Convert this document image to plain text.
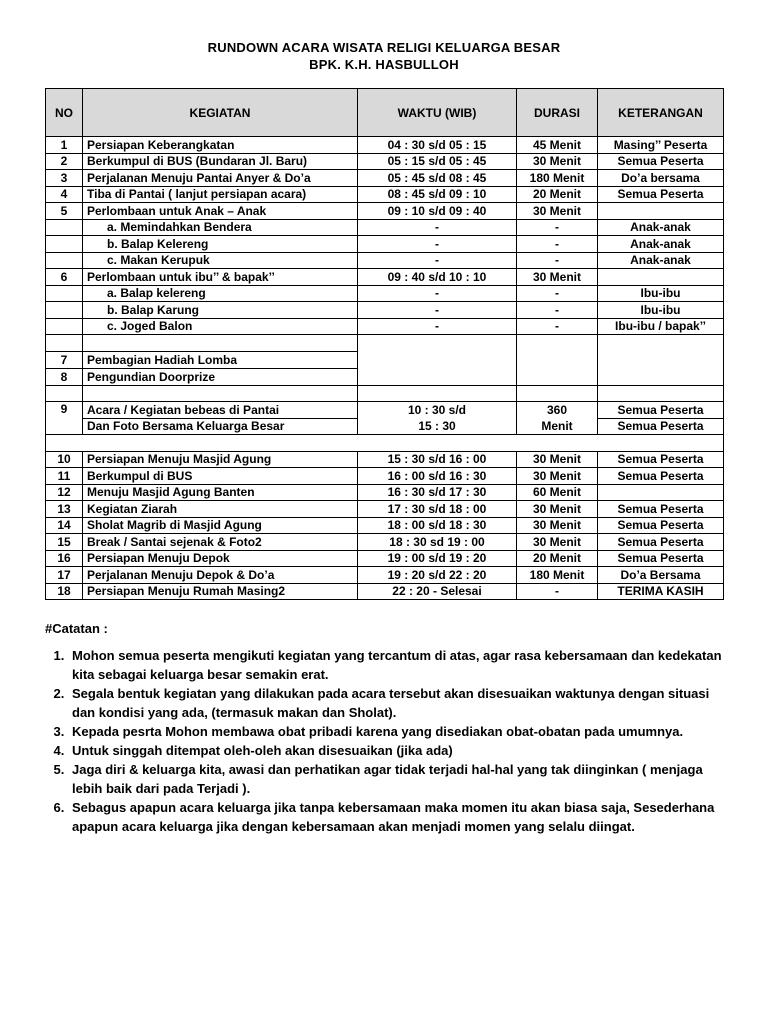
RUNDOWN ACARA WISATA RELIGI KELUARGA BESAR
BPK. K.H. HASBULLOH
NO	KEGIATAN	WAKTU (WIB)	DURASI	KETERANGAN
1	Persiapan Keberangkatan	04 : 30 s/d 05 : 15	45 Menit	Masing’’ Peserta
2	Berkumpul di BUS (Bundaran Jl. Baru)	05 : 15 s/d 05 : 45	30 Menit	Semua Peserta
3	Perjalanan Menuju Pantai Anyer & Do’a	05 : 45 s/d 08 : 45	180 Menit	Do’a bersama
4	Tiba di Pantai ( lanjut persiapan acara)	08 : 45 s/d 09 : 10	20 Menit	Semua Peserta
5	Perlombaan untuk Anak – Anak	09 : 10 s/d 09 : 40	30 Menit	
	a. Memindahkan Bendera	-	-	Anak-anak
	b. Balap Kelereng	-	-	Anak-anak
	c. Makan Kerupuk	-	-	Anak-anak
6	Perlombaan untuk ibu’’ & bapak’’	09 : 40 s/d 10 : 10	30 Menit	
	a. Balap kelereng	-	-	Ibu-ibu
	b. Balap Karung	-	-	Ibu-ibu
	c. Joged Balon	-	-	Ibu-ibu / bapak’’

7	Pembagian Hadiah Lomba			
8	Pengundian Doorprize			

9	Acara / Kegiatan bebeas di Pantai	10 : 30 s/d	360	Semua Peserta
	Dan Foto Bersama Keluarga Besar	15 : 30	Menit	Semua Peserta

10	Persiapan Menuju Masjid Agung	15 : 30 s/d 16 : 00	30 Menit	Semua Peserta
11	Berkumpul di BUS	16 : 00 s/d 16 : 30	30 Menit	Semua Peserta
12	Menuju Masjid Agung Banten	16 : 30 s/d 17 : 30	60 Menit	
13	Kegiatan Ziarah	17 : 30 s/d 18 : 00	30 Menit	Semua Peserta
14	Sholat Magrib di Masjid Agung	18 : 00 s/d 18 : 30	30 Menit	Semua Peserta
15	Break / Santai sejenak & Foto2	18 : 30 sd 19 : 00	30 Menit	Semua Peserta
16	Persiapan Menuju Depok	19 : 00 s/d 19 : 20	20 Menit	Semua Peserta
17	Perjalanan Menuju Depok & Do’a	19 : 20 s/d 22 : 20	180 Menit	Do’a Bersama
18	Persiapan Menuju Rumah Masing2	22 : 20 - Selesai	-	TERIMA KASIH
#Catatan :
1. Mohon semua peserta mengikuti kegiatan yang tercantum di atas, agar rasa kebersamaan dan kedekatan kita sebagai keluarga besar semakin erat.
2. Segala bentuk kegiatan yang dilakukan pada acara tersebut akan disesuaikan waktunya dengan situasi dan kondisi yang ada, (termasuk makan dan Sholat).
3. Kepada pesrta Mohon membawa obat pribadi karena yang disediakan obat-obatan pada umumnya.
4. Untuk singgah ditempat oleh-oleh akan disesuaikan (jika ada)
5. Jaga diri & keluarga kita, awasi dan perhatikan agar tidak terjadi hal-hal yang tak diinginkan ( menjaga lebih baik dari pada Terjadi ).
6. Sebagus apapun acara keluarga jika tanpa kebersamaan maka momen itu akan biasa saja, Sesederhana apapun acara keluarga jika dengan kebersamaan akan menjadi momen yang selalu diingat.
